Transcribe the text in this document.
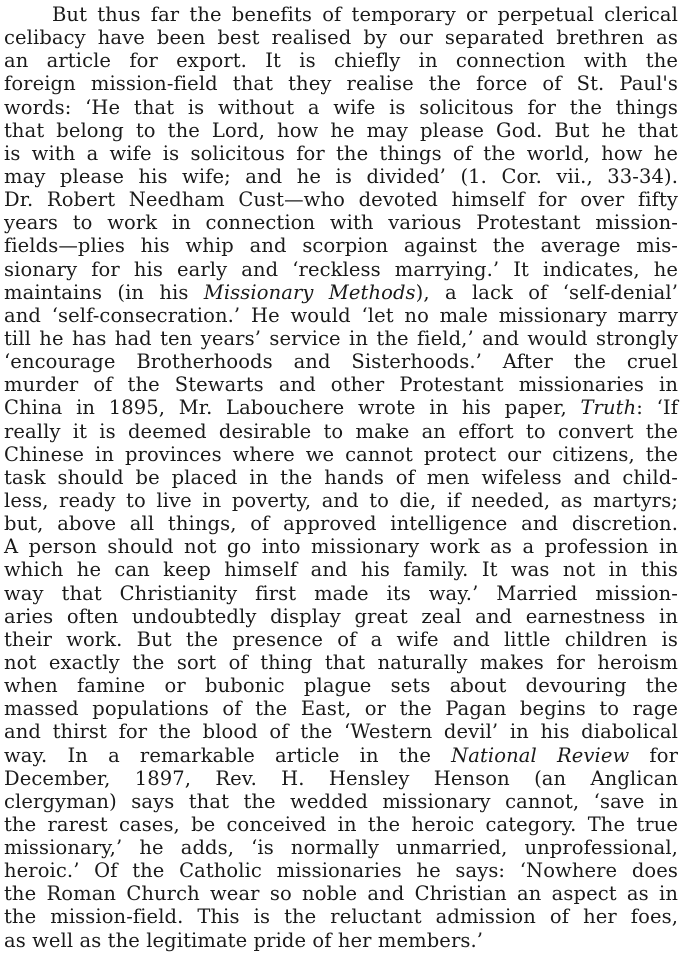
But thus far the benefits of temporary or perpetual clerical
celibacy have been best realised by our separated brethren as
an article for export. It is chiefly in connection with the
foreign mission-field that they realise the force of St. Paul's
words: ‘He that is without a wife is solicitous for the things
that belong to the Lord, how he may please God. But he that
is with a wife is solicitous for the things of the world, how he
may please his wife; and he is divided’ (1. Cor. vii., 33-34).
Dr. Robert Needham Cust—who devoted himself for over fifty
years to work in connection with various Protestant mission-
fields—plies his whip and scorpion against the average mis-
sionary for his early and ‘reckless marrying.’ It indicates, he
maintains (in his Missionary Methods), a lack of ‘self-denial’
and ‘self-consecration.’ He would ‘let no male missionary marry
till he has had ten years’ service in the field,’ and would strongly
‘encourage Brotherhoods and Sisterhoods.’ After the cruel
murder of the Stewarts and other Protestant missionaries in
China in 1895, Mr. Labouchere wrote in his paper, Truth: ‘If
really it is deemed desirable to make an effort to convert the
Chinese in provinces where we cannot protect our citizens, the
task should be placed in the hands of men wifeless and child-
less, ready to live in poverty, and to die, if needed, as martyrs;
but, above all things, of approved intelligence and discretion.
A person should not go into missionary work as a profession in
which he can keep himself and his family. It was not in this
way that Christianity first made its way.’ Married mission-
aries often undoubtedly display great zeal and earnestness in
their work. But the presence of a wife and little children is
not exactly the sort of thing that naturally makes for heroism
when famine or bubonic plague sets about devouring the
massed populations of the East, or the Pagan begins to rage
and thirst for the blood of the ‘Western devil’ in his diabolical
way. In a remarkable article in the National Review for
December, 1897, Rev. H. Hensley Henson (an Anglican
clergyman) says that the wedded missionary cannot, ‘save in
the rarest cases, be conceived in the heroic category. The true
missionary,’ he adds, ‘is normally unmarried, unprofessional,
heroic.’ Of the Catholic missionaries he says: ‘Nowhere does
the Roman Church wear so noble and Christian an aspect as in
the mission-field. This is the reluctant admission of her foes,
as well as the legitimate pride of her members.’
